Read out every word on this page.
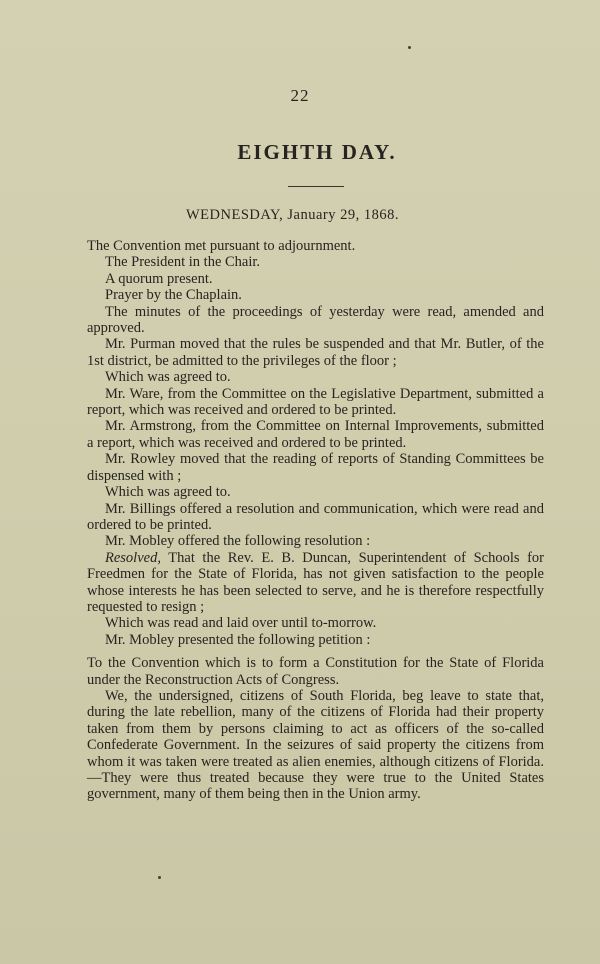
22
EIGHTH DAY.
WEDNESDAY, January 29, 1868.

The Convention met pursuant to adjournment.

The President in the Chair.

A quorum present.

Prayer by the Chaplain.

The minutes of the proceedings of yesterday were read, amended and approved.

Mr. Purman moved that the rules be suspended and that Mr. Butler, of the 1st district, be admitted to the privileges of the floor ;

Which was agreed to.

Mr. Ware, from the Committee on the Legislative Department, submitted a report, which was received and ordered to be printed.

Mr. Armstrong, from the Committee on Internal Improvements, submitted a report, which was received and ordered to be printed.

Mr. Rowley moved that the reading of reports of Standing Committees be dispensed with ;

Which was agreed to.

Mr. Billings offered a resolution and communication, which were read and ordered to be printed.

Mr. Mobley offered the following resolution :

Resolved, That the Rev. E. B. Duncan, Superintendent of Schools for Freedmen for the State of Florida, has not given satisfaction to the people whose interests he has been selected to serve, and he is therefore respectfully requested to resign ;

Which was read and laid over until to-morrow.

Mr. Mobley presented the following petition :

To the Convention which is to form a Constitution for the State of Florida under the Reconstruction Acts of Congress.

We, the undersigned, citizens of South Florida, beg leave to state that, during the late rebellion, many of the citizens of Florida had their property taken from them by persons claiming to act as officers of the so-called Confederate Government. In the seizures of said property the citizens from whom it was taken were treated as alien enemies, although citizens of Florida.—They were thus treated because they were true to the United States government, many of them being then in the Union army.
